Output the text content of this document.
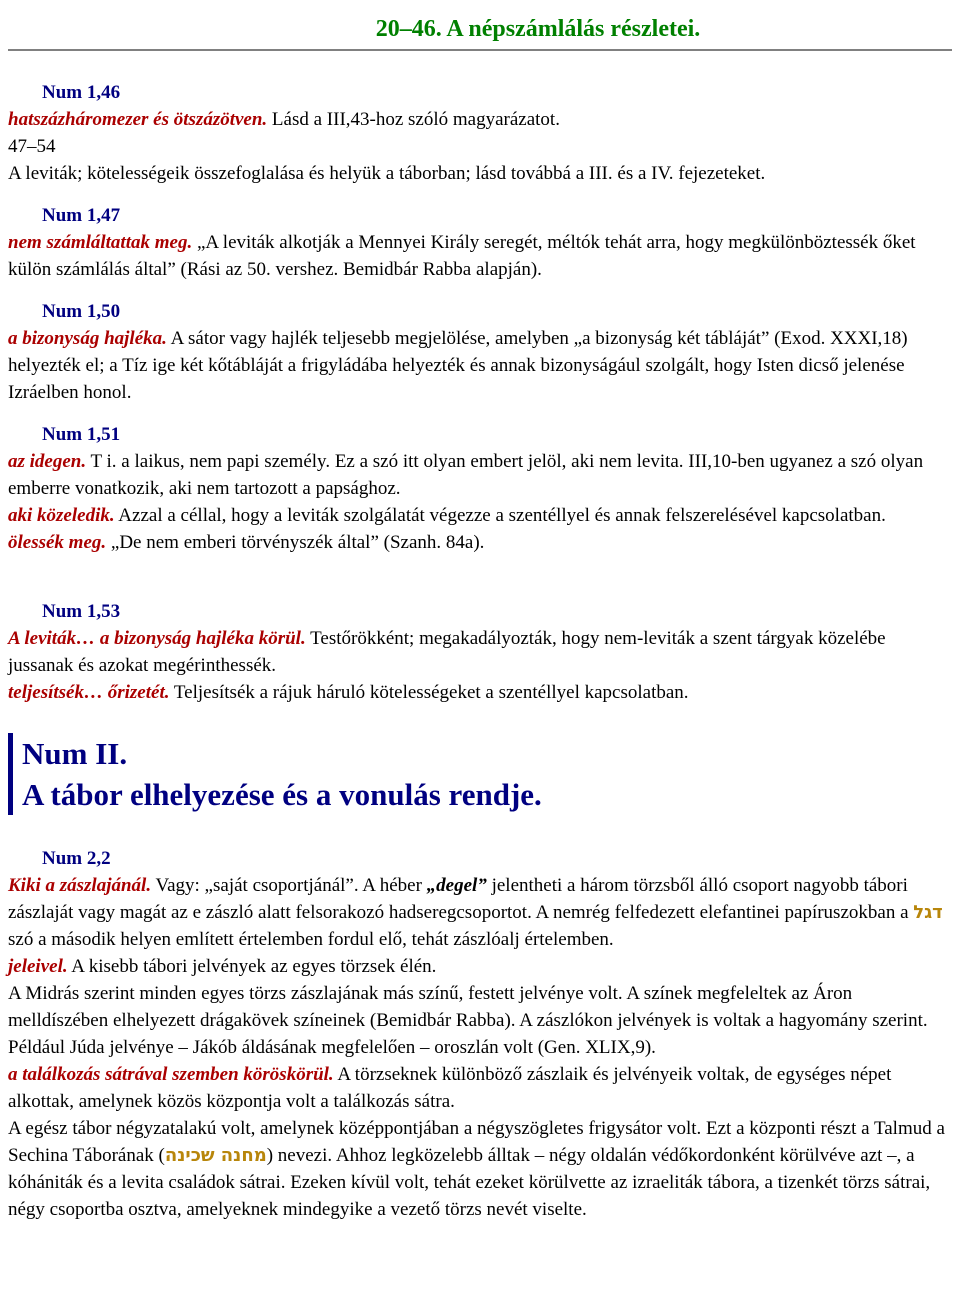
20–46. A népszámlálás részletei.
Num 1,46
hatszázháromezer és ötszázötven. Lásd a III,43-hoz szóló magyarázatot.
47–54
A leviták; kötelességeik összefoglalása és helyük a táborban; lásd továbbá a III. és a IV. fejezeteket.
Num 1,47
nem számláltattak meg. „A leviták alkotják a Mennyei Király seregét, méltók tehát arra, hogy megkülönböztessék őket külön számlálás által” (Rási az 50. vershez. Bemidbár Rabba alapján).
Num 1,50
a bizonyság hajléka. A sátor vagy hajlék teljesebb megjelölése, amelyben „a bizonyság két tábláját” (Exod. XXXI,18) helyezték el; a Tíz ige két kőtábláját a frigyládába helyezték és annak bizonyságául szolgált, hogy Isten dicső jelenése Izráelben honol.
Num 1,51
az idegen. T i. a laikus, nem papi személy. Ez a szó itt olyan embert jelöl, aki nem levita. III,10-ben ugyanez a szó olyan emberre vonatkozik, aki nem tartozott a papsághoz.
aki közeledik. Azzal a céllal, hogy a leviták szolgálatát végezze a szentéllyel és annak felszerelésével kapcsolatban.
ölessék meg. „De nem emberi törvényszék által” (Szanh. 84a).
Num 1,53
A leviták… a bizonyság hajléka körül. Testőrökként; megakadályozták, hogy nem-leviták a szent tárgyak közelébe jussanak és azokat megérinthessék.
teljesítsék… őrizetét. Teljesítsék a rájuk háruló kötelességeket a szentéllyel kapcsolatban.
Num II.
A tábor elhelyezése és a vonulás rendje.
Num 2,2
Kiki a zászlajánál. Vagy: „saját csoportjánál”. A héber „degel” jelentheti a három törzsből álló csoport nagyobb tábori zászlaját vagy magát az e zászló alatt felsorakozó hadseregcsoportot. A nemrég felfedezett elefantinei papíruszokban a דגל szó a második helyen említett értelemben fordul elő, tehát zászlóalj értelemben.
jeleivel. A kisebb tábori jelvények az egyes törzsek élén.
A Midrás szerint minden egyes törzs zászlajának más színű, festett jelvénye volt. A színek megfeleltek az Áron melldíszében elhelyezett drágakövek színeinek (Bemidbár Rabba). A zászlókon jelvények is voltak a hagyomány szerint. Például Júda jelvénye – Jákób áldásának megfelelően – oroszlán volt (Gen. XLIX,9).
a találkozás sátrával szemben köröskörül. A törzseknek különböző zászlaik és jelvényeik voltak, de egységes népet alkottak, amelynek közös központja volt a találkozás sátra.
A egész tábor négyzatalakú volt, amelynek középpontjában a négyszögletes frigysátor volt. Ezt a központi részt a Talmud a Sechina Táborának (מחנה שכינה) nevezi. Ahhoz legközelebb álltak – négy oldalán védőkordonként körülvéve azt –, a kóhániták és a levita családok sátrai. Ezeken kívül volt, tehát ezeket körülvette az izraeliták tábora, a tizenkét törzs sátrai, négy csoportba osztva, amelyeknek mindegyike a vezető törzs nevét viselte.
